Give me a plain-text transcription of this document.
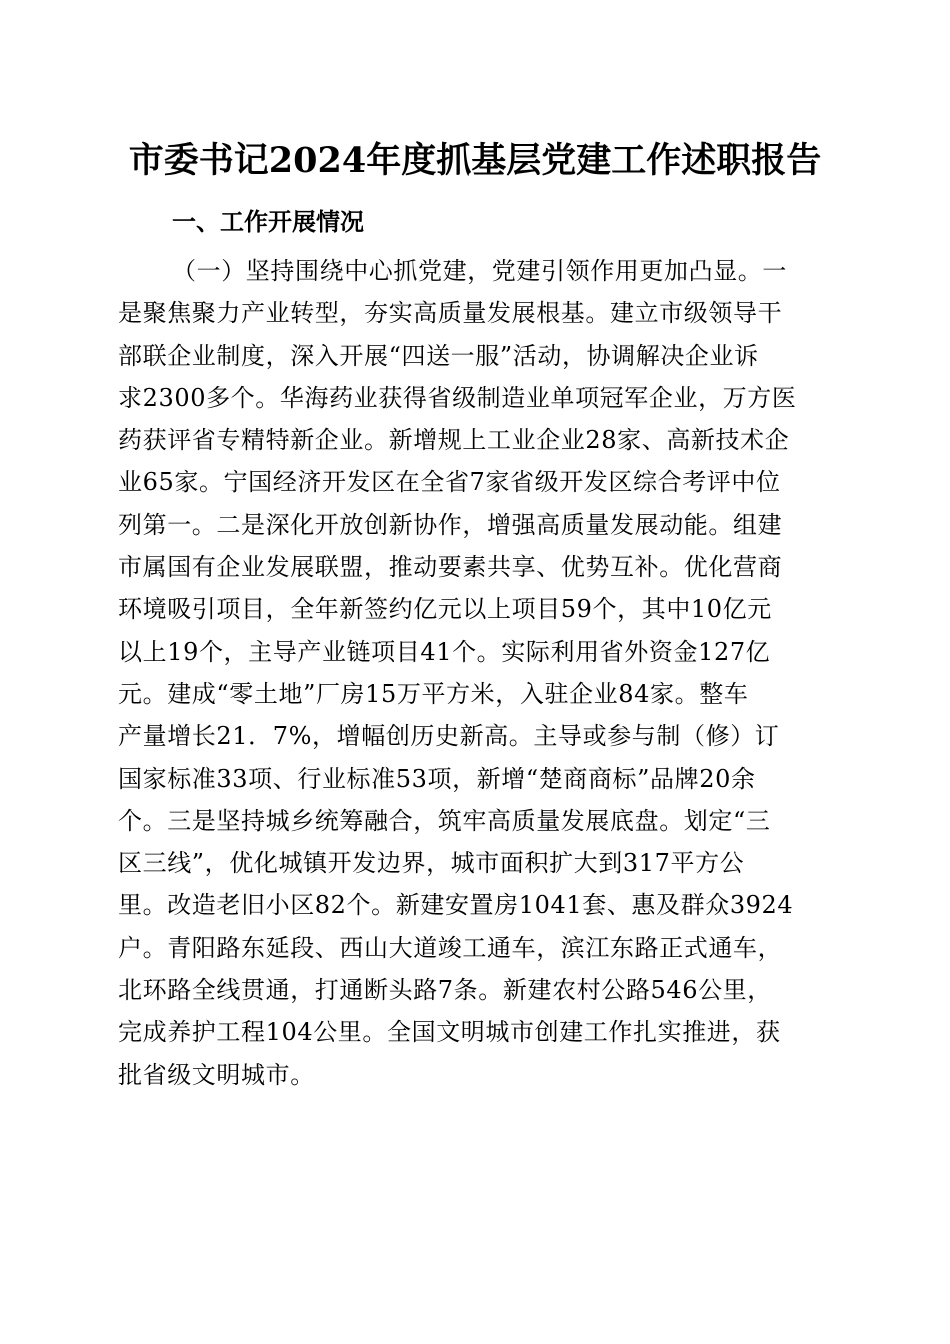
市委书记2024年度抓基层党建工作述职报告
一、工作开展情况
（一）坚持围绕中心抓党建，党建引领作用更加凸显。一
是聚焦聚力产业转型，夯实高质量发展根基。建立市级领导干
部联企业制度，深入开展“四送一服”活动，协调解决企业诉
求2300多个。华海药业获得省级制造业单项冠军企业，万方医
药获评省专精特新企业。新增规上工业企业28家、高新技术企
业65家。宁国经济开发区在全省7家省级开发区综合考评中位
列第一。二是深化开放创新协作，增强高质量发展动能。组建
市属国有企业发展联盟，推动要素共享、优势互补。优化营商
环境吸引项目，全年新签约亿元以上项目59个，其中10亿元
以上19个，主导产业链项目41个。实际利用省外资金127亿
元。建成“零土地”厂房15万平方米，入驻企业84家。整车
产量增长21．7%，增幅创历史新高。主导或参与制（修）订
国家标准33项、行业标准53项，新增“楚商商标”品牌20余
个。三是坚持城乡统筹融合，筑牢高质量发展底盘。划定“三
区三线”，优化城镇开发边界，城市面积扩大到317平方公
里。改造老旧小区82个。新建安置房1041套、惠及群众3924
户。青阳路东延段、西山大道竣工通车，滨江东路正式通车，
北环路全线贯通，打通断头路7条。新建农村公路546公里，
完成养护工程104公里。全国文明城市创建工作扎实推进，获
批省级文明城市。
